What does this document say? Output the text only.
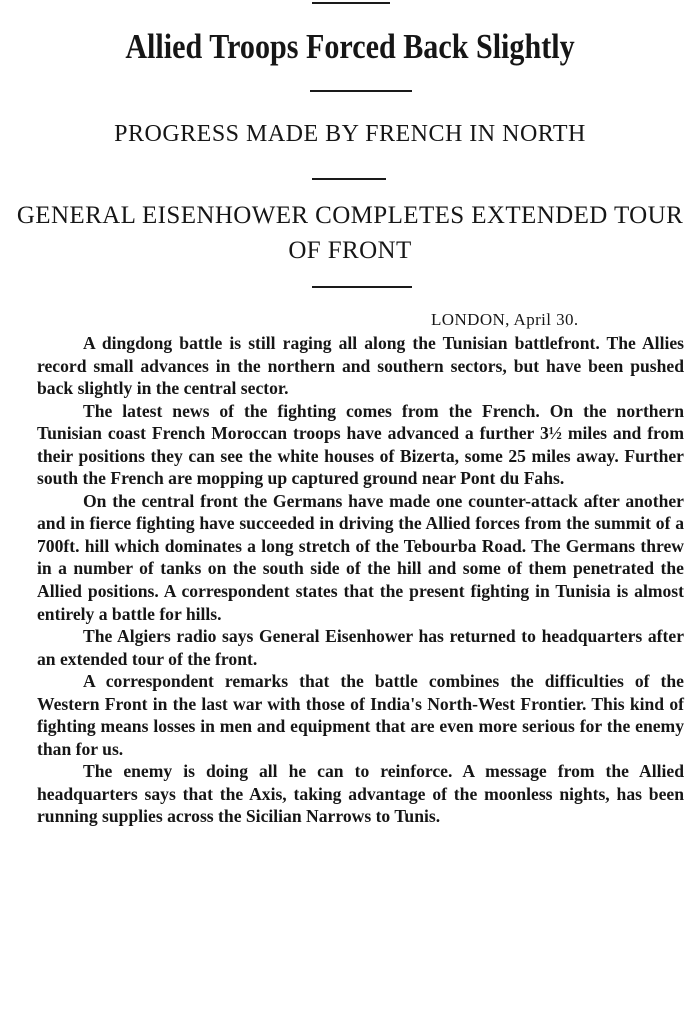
Allied Troops Forced Back Slightly
PROGRESS MADE BY FRENCH IN NORTH
GENERAL EISENHOWER COMPLETES EXTENDED TOUR OF FRONT
LONDON, April 30.

A dingdong battle is still raging all along the Tunisian battlefront. The Allies record small advances in the northern and southern sectors, but have been pushed back slightly in the central sector.

The latest news of the fighting comes from the French. On the northern Tunisian coast French Moroccan troops have advanced a further 3½ miles and from their positions they can see the white houses of Bizerta, some 25 miles away. Further south the French are mopping up captured ground near Pont du Fahs.

On the central front the Germans have made one counter-attack after another and in fierce fighting have succeeded in driving the Allied forces from the summit of a 700ft. hill which dominates a long stretch of the Tebourba Road. The Germans threw in a number of tanks on the south side of the hill and some of them penetrated the Allied positions. A correspondent states that the present fighting in Tunisia is almost entirely a battle for hills.

The Algiers radio says General Eisenhower has returned to headquarters after an extended tour of the front.

A correspondent remarks that the battle combines the difficulties of the Western Front in the last war with those of India's North-West Frontier. This kind of fighting means losses in men and equipment that are even more serious for the enemy than for us.

The enemy is doing all he can to reinforce. A message from the Allied headquarters says that the Axis, taking advantage of the moonless nights, has been running supplies across the Sicilian Narrows to Tunis.
